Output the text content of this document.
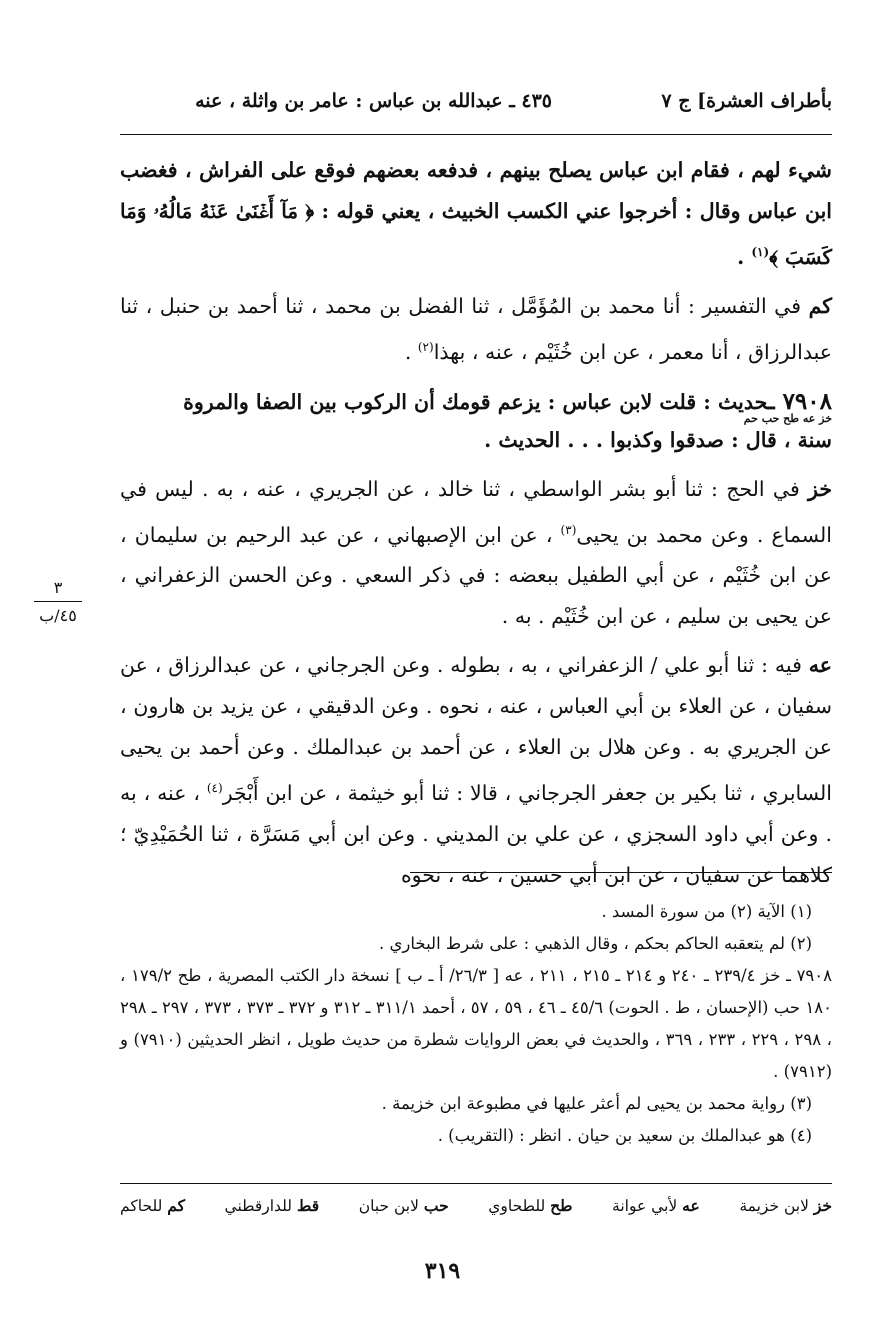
بأطراف العشرة] ج ٧
٤٣٥ ـ عبدالله بن عباس : عامر بن واثلة ، عنه

شيء لهم ، فقام ابن عباس يصلح بينهم ، فدفعه بعضهم فوقع على الفراش ، فغضب ابن عباس وقال : أخرجوا عني الكسب الخبيث ، يعني قوله : ﴿ مَآ أَغۡنَىٰ عَنۡهُ مَالُهُۥ وَمَا كَسَبَ ﴾$^{(١)}$ .

كم في التفسير : أنا محمد بن المُؤَمَّل ، ثنا الفضل بن محمد ، ثنا أحمد بن حنبل ، ثنا عبدالرزاق ، أنا معمر ، عن ابن خُثَيْم ، عنه ، بهذا$^{(٢)}$ .

٧٩٠٨ ـحديث : قلت لابن عباس : يزعم قومك أن الركوب بين الصفا والمروة
خز عه طح حب حم
سنة ، قال : صدقوا وكذبوا . . . الحديث .

خز في الحج : ثنا أبو بشر الواسطي ، ثنا خالد ، عن الجريري ، عنه ، به . ليس في السماع . وعن محمد بن يحيى$^{(٣)}$ ، عن ابن الإصبهاني ، عن عبد الرحيم بن سليمان ، عن ابن خُثَيْم ، عن أبي الطفيل ببعضه : في ذكر السعي . وعن الحسن الزعفراني ، عن يحيى بن سليم ، عن ابن خُثَيْم . به .

عه فيه : ثنا أبو علي / الزعفراني ، به ، بطوله . وعن الجرجاني ، عن عبدالرزاق ، عن سفيان ، عن العلاء بن أبي العباس ، عنه ، نحوه . وعن الدقيقي ، عن يزيد بن هارون ، عن الجريري به . وعن هلال بن العلاء ، عن أحمد بن عبدالملك . وعن أحمد بن يحيى السابري ، ثنا بكير بن جعفر الجرجاني ، قالا : ثنا أبو خيثمة ، عن ابن أَبْجَر$^{(٤)}$ ، عنه ، به . وعن أبي داود السجزي ، عن علي بن المديني . وعن ابن أبي مَسَرَّة ، ثنا الحُمَيْدِيّ ؛ كلاهما عن سفيان ، عن ابن أبي حسين ، عنه ، نحوه

٣
٤٥/ب

(١) الآية (٢) من سورة المسد .

(٢) لم يتعقبه الحاكم بحكم ، وقال الذهبي : على شرط البخاري .

٧٩٠٨ ـ خز ٢٣٩/٤ ـ ٢٤٠ و ٢١٤ ـ ٢١٥ ، ٢١١ ، عه [ ٢٦/٣/ أ ـ ب ] نسخة دار الكتب المصرية ، طح ١٧٩/٢ ، ١٨٠ حب (الإحسان ، ط . الحوت) ٤٥/٦ ـ ٤٦ ، ٥٩ ، ٥٧ ، أحمد ٣١١/١ ـ ٣١٢ و ٣٧٢ ـ ٣٧٣ ، ٣٧٣ ، ٢٩٧ ـ ٢٩٨ ، ٢٩٨ ، ٢٢٩ ، ٢٣٣ ، ٣٦٩ ، والحديث في بعض الروايات شطرة من حديث طويل ، انظر الحديثين (٧٩١٠) و (٧٩١٢) .

(٣) رواية محمد بن يحيى لم أعثر عليها في مطبوعة ابن خزيمة .

(٤) هو عبدالملك بن سعيد بن حيان . انظر : (التقريب) .

خز لابن خزيمة
عه لأبي عوانة
طح للطحاوي
حب لابن حبان
قط للدارقطني
كم للحاكم
٣١٩
